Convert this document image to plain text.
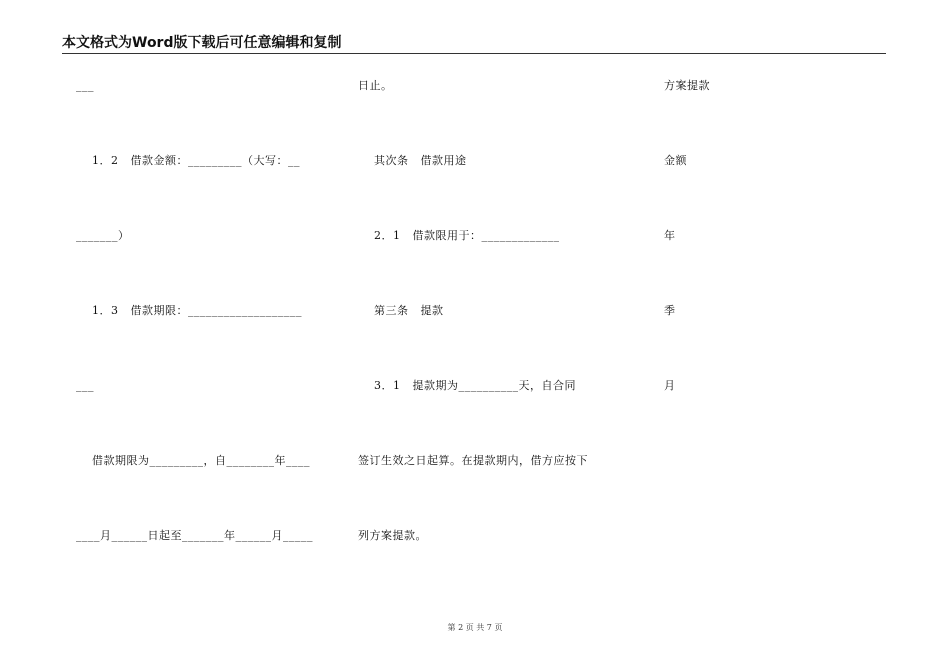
本文格式为Word版下载后可任意编辑和复制
___
1．2   借款金额：_________（大写：__
_______）
1．3   借款期限：___________________
___
借款期限为_________，自________年____
____月______日起至_______年______月_____
日止。
其次条   借款用途
2．1   借款限用于：_____________
第三条   提款
3．1   提款期为__________天，自合同
签订生效之日起算。在提款期内，借方应按下
列方案提款。
方案提款
金额
年
季
月
第 2 页 共 7 页
